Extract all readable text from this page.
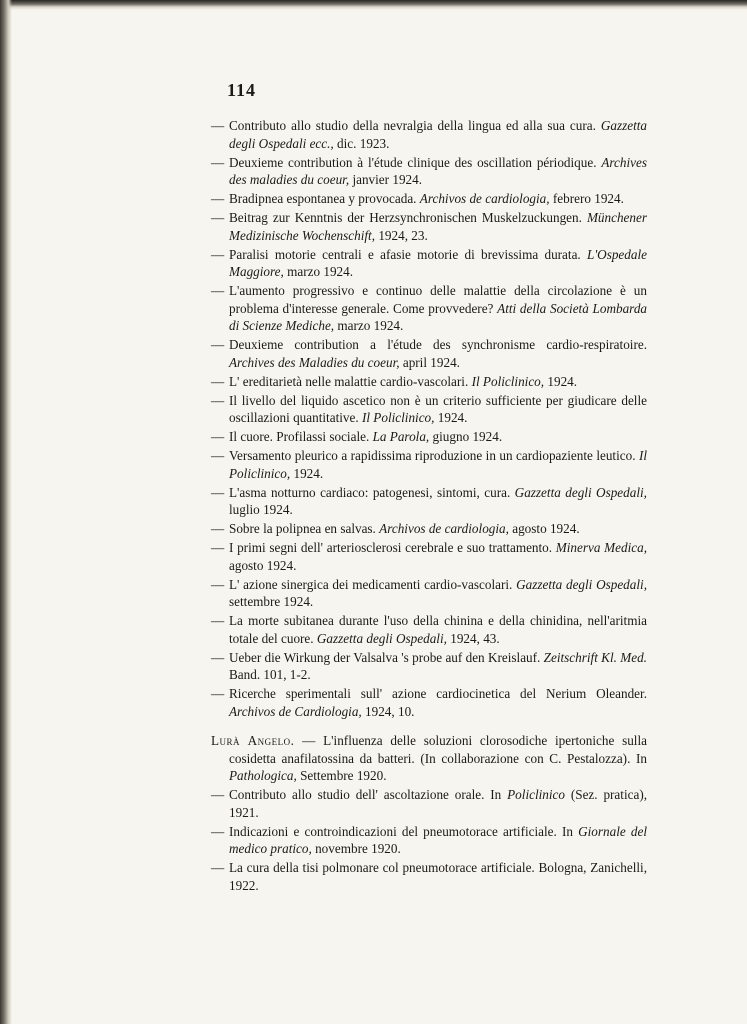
114

— Contributo allo studio della nevralgia della lingua ed alla sua cura. Gazzetta degli Ospedali ecc., dic. 1923.

— Deuxieme contribution à l'étude clinique des oscillation périodique. Archives des maladies du coeur, janvier 1924.

— Bradipnea espontanea y provocada. Archivos de cardiologia, febrero 1924.

— Beitrag zur Kenntnis der Herzsynchronischen Muskelzuckungen. Münchener Medizinische Wochenschift, 1924, 23.

— Paralisi motorie centrali e afasie motorie di brevissima durata. L'Ospedale Maggiore, marzo 1924.

— L'aumento progressivo e continuo delle malattie della circolazione è un problema d'interesse generale. Come provvedere? Atti della Società Lombarda di Scienze Mediche, marzo 1924.

— Deuxieme contribution a l'étude des synchronisme cardio-respiratoire. Archives des Maladies du coeur, april 1924.

— L' ereditarietà nelle malattie cardio-vascolari. Il Policlinico, 1924.

— Il livello del liquido ascetico non è un criterio sufficiente per giudicare delle oscillazioni quantitative. Il Policlinico, 1924.

— Il cuore. Profilassi sociale. La Parola, giugno 1924.

— Versamento pleurico a rapidissima riproduzione in un cardiopaziente leutico. Il Policlinico, 1924.

— L'asma notturno cardiaco: patogenesi, sintomi, cura. Gazzetta degli Ospedali, luglio 1924.

— Sobre la polipnea en salvas. Archivos de cardiologia, agosto 1924.

— I primi segni dell' arteriosclerosi cerebrale e suo trattamento. Minerva Medica, agosto 1924.

— L' azione sinergica dei medicamenti cardio-vascolari. Gazzetta degli Ospedali, settembre 1924.

— La morte subitanea durante l'uso della chinina e della chinidina, nell'aritmia totale del cuore. Gazzetta degli Ospedali, 1924, 43.

— Ueber die Wirkung der Valsalva 's probe auf den Kreislauf. Zeitschrift Kl. Med. Band. 101, 1-2.

— Ricerche sperimentali sull' azione cardiocinetica del Nerium Oleander. Archivos de Cardiologia, 1924, 10.

Lurà Angelo. — L'influenza delle soluzioni clorosodiche ipertoniche sulla cosidetta anafilatossina da batteri. (In collaborazione con C. Pestalozza). In Pathologica, Settembre 1920.

— Contributo allo studio dell' ascoltazione orale. In Policlinico (Sez. pratica), 1921.

— Indicazioni e controindicazioni del pneumotorace artificiale. In Giornale del medico pratico, novembre 1920.

— La cura della tisi polmonare col pneumotorace artificiale. Bologna, Zanichelli, 1922.
